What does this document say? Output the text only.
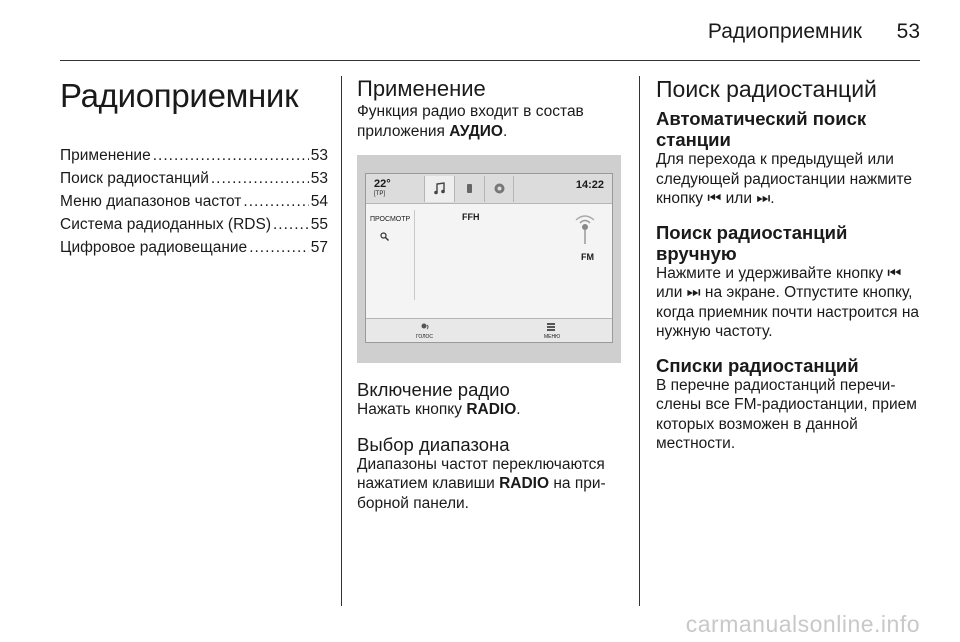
Радиоприемник 53
Радиоприемник
Применение .....	53
Поиск радиостанций .....	53
Меню диапазонов частот .....	54
Система радиоданных (RDS) .....	55
Цифровое радиовещание .....	57
Применение

Функция радио входит в состав приложения АУДИО.

22°
[TP]
14:22
ПРОСМОТР	FFH
FM
ГОЛОС	МЕНЮ
Включение радио

Нажать кнопку RADIO.

Выбор диапазона

Диапазоны частот переключаются нажатием клавиши RADIO на приборной панели.

Поиск радиостанций
Автоматический поиск станции

Для перехода к предыдущей или следующей радиостанции нажмите кнопку ⏮ или ⏭.

Поиск радиостанций вручную

Нажмите и удерживайте кнопку ⏮ или ⏭ на экране. Отпустите кнопку, когда приемник почти настроится на нужную частоту.

Списки радиостанций

В перечне радиостанций перечислены все FM-радиостанции, прием которых возможен в данной местности.

carmanualsonline.info
